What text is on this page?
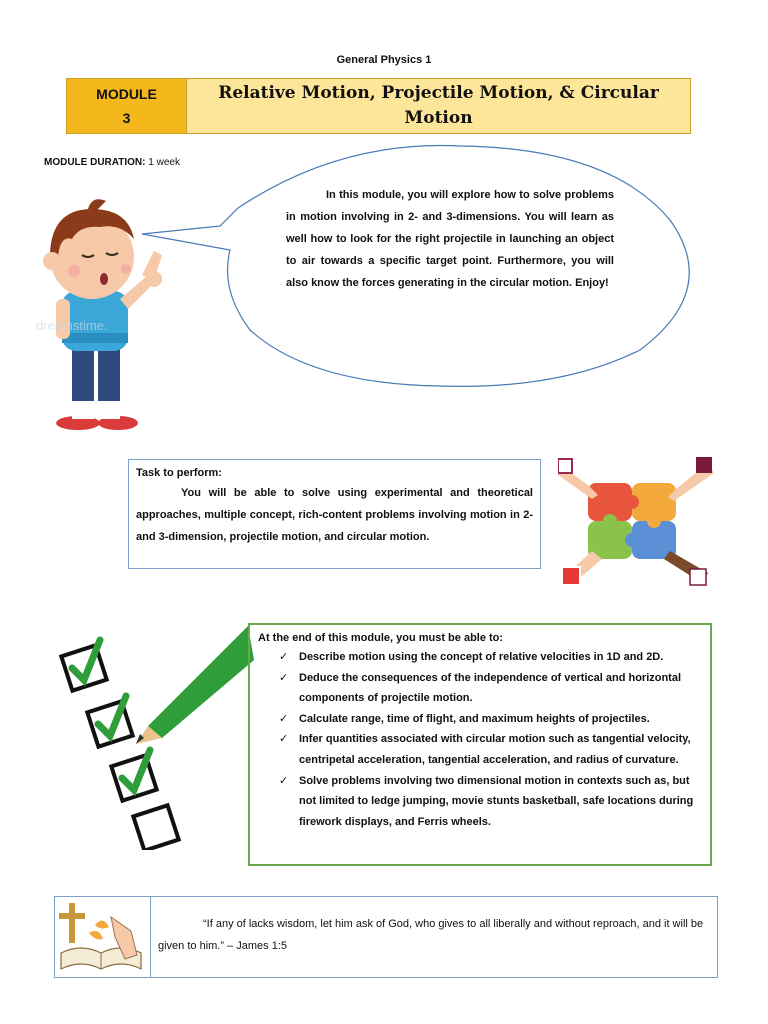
General Physics 1
MODULE
3
Relative Motion, Projectile Motion, & Circular Motion
MODULE DURATION: 1 week
In this module, you will explore how to solve problems in motion involving in 2- and 3-dimensions. You will learn as well how to look for the right projectile in launching an object to air towards a specific target point. Furthermore, you will also know the forces generating in the circular motion. Enjoy!
dreamstime.
Task to perform:
You will be able to solve using experimental and theoretical approaches, multiple concept, rich-content problems involving motion in 2- and 3-dimension, projectile motion, and circular motion.
At the end of this module, you must be able to:
✓ Describe motion using the concept of relative velocities in 1D and 2D.
✓ Deduce the consequences of the independence of vertical and horizontal components of projectile motion.
✓ Calculate range, time of flight, and maximum heights of projectiles.
✓ Infer quantities associated with circular motion such as tangential velocity, centripetal acceleration, tangential acceleration, and radius of curvature.
✓ Solve problems involving two dimensional motion in contexts such as, but not limited to ledge jumping, movie stunts basketball, safe locations during firework displays, and Ferris wheels.
“If any of lacks wisdom, let him ask of God, who gives to all liberally and without reproach, and it will be given to him.” – James 1:5
